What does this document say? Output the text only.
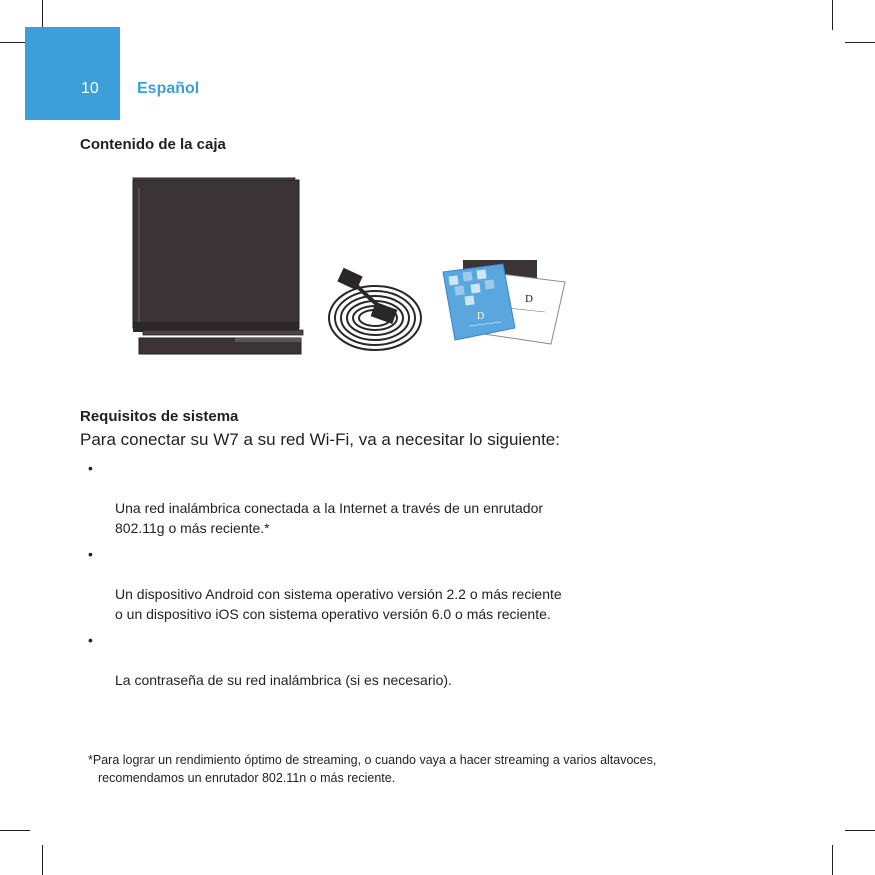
10 Español
Contenido de la caja
D
D
Requisitos de sistema
Para conectar su W7 a su red Wi-Fi, va a necesitar lo siguiente:

•

Una red inalámbrica conectada a la Internet a través de un enrutador
802.11g o más reciente.*

•

Un dispositivo Android con sistema operativo versión 2.2 o más reciente
o un dispositivo iOS con sistema operativo versión 6.0 o más reciente.

•

La contraseña de su red inalámbrica (si es necesario).

*Para lograr un rendimiento óptimo de streaming, o cuando vaya a hacer streaming a varios altavoces,
recomendamos un enrutador 802.11n o más reciente.
